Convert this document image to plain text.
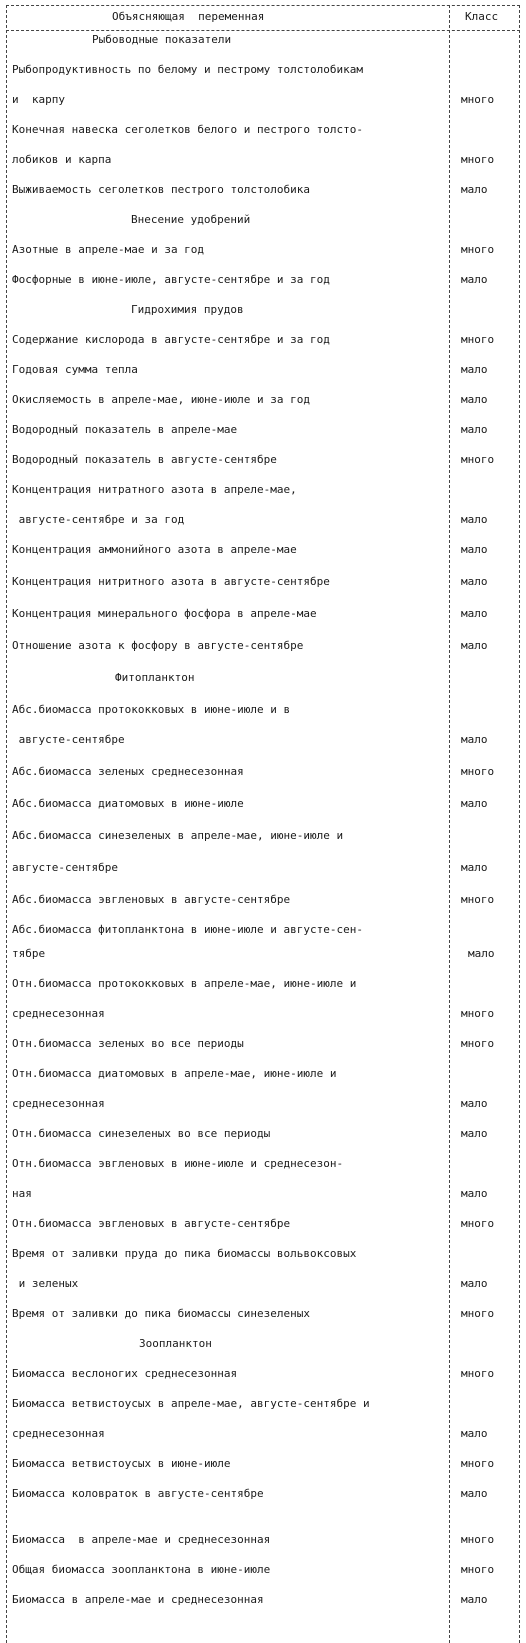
Объясняющая  переменная	Класс
Рыбоводные показатели
Рыбопродуктивность по белому и пестрому толстолобикам
и  карпу	много
Конечная навеска сеголетков белого и пестрого толсто-
лобиков и карпа	много
Выживаемость сеголетков пестрого толстолобика	мало
Внесение удобрений
Азотные в апреле-мае и за год	много
Фосфорные в июне-июле, августе-сентябре и за год	мало
Гидрохимия прудов
Содержание кислорода в августе-сентябре и за год	много
Годовая сумма тепла	мало
Окисляемость в апреле-мае, июне-июле и за год	мало
Водородный показатель в апреле-мае	мало
Водородный показатель в августе-сентябре	много
Концентрация нитратного азота в апреле-мае,
августе-сентябре и за год	мало
Концентрация аммонийного азота в апреле-мае	мало
Концентрация нитритного азота в августе-сентябре	мало
Концентрация минерального фосфора в апреле-мае	мало
Отношение азота к фосфору в августе-сентябре	мало
Фитопланктон
Абс.биомасса протококковых в июне-июле и в
августе-сентябре	мало
Абс.биомасса зеленых среднесезонная	много
Абс.биомасса диатомовых в июне-июле	мало
Абс.биомасса синезеленых в апреле-мае, июне-июле и
августе-сентябре	мало
Абс.биомасса эвгленовых в августе-сентябре	много
Абс.биомасса фитопланктона в июне-июле и августе-сен-
тябре	мало
Отн.биомасса протококковых в апреле-мае, июне-июле и
среднесезонная	много
Отн.биомасса зеленых во все периоды	много
Отн.биомасса диатомовых в апреле-мае, июне-июле и
среднесезонная	мало
Отн.биомасса синезеленых во все периоды	мало
Отн.биомасса эвгленовых в июне-июле и среднесезон-
ная	мало
Отн.биомасса эвгленовых в августе-сентябре	много
Время от заливки пруда до пика биомассы вольвоксовых
и зеленых	мало
Время от заливки до пика биомассы синезеленых	много
Зоопланктон
Биомасса веслоногих среднесезонная	много
Биомасса ветвистоусых в апреле-мае, августе-сентябре и
среднесезонная	мало
Биомасса ветвистоусых в июне-июле	много
Биомасса коловраток в августе-сентябре	мало
Биомасса  в апреле-мае и среднесезонная	много
Общая биомасса зоопланктона в июне-июле	много
Биомасса в апреле-мае и среднесезонная	мало
